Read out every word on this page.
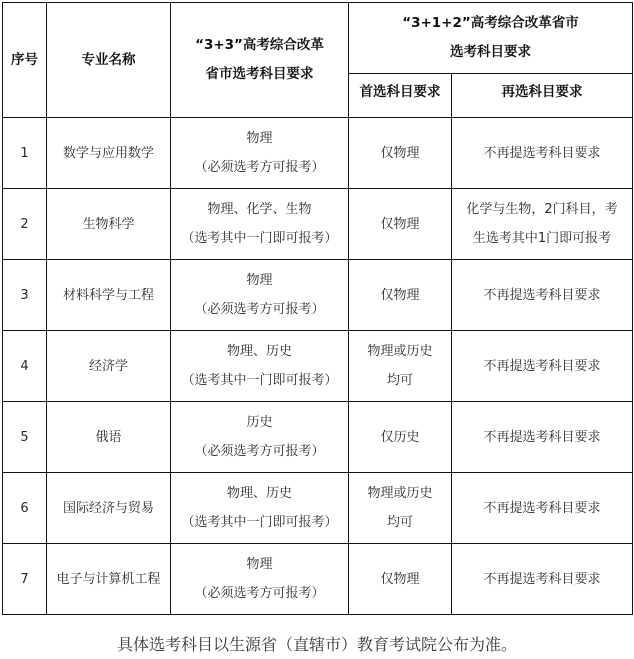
序号	专业名称	“3+3”高考综合改革
省市选考科目要求	“3+1+2”高考综合改革省市
选考科目要求	

			首选科目要求	再选科目要求

1	数学与应用数学	物理
（必须选考方可报考）	仅物理	不再提选考科目要求

2	生物科学	物理、化学、生物
（选考其中一门即可报考）	仅物理	化学与生物，2门科目，考
生选考其中1门即可报考

3	材料科学与工程	物理
（必须选考方可报考）	仅物理	不再提选考科目要求

4	经济学	物理、历史
（选考其中一门即可报考）	物理或历史
均可	不再提选考科目要求

5	俄语	历史
（必须选考方可报考）	仅历史	不再提选考科目要求

6	国际经济与贸易	物理、历史
（选考其中一门即可报考）	物理或历史
均可	不再提选考科目要求

7	电子与计算机工程	物理
（必须选考方可报考）	仅物理	不再提选考科目要求
具体选考科目以生源省（直辖市）教育考试院公布为准。
